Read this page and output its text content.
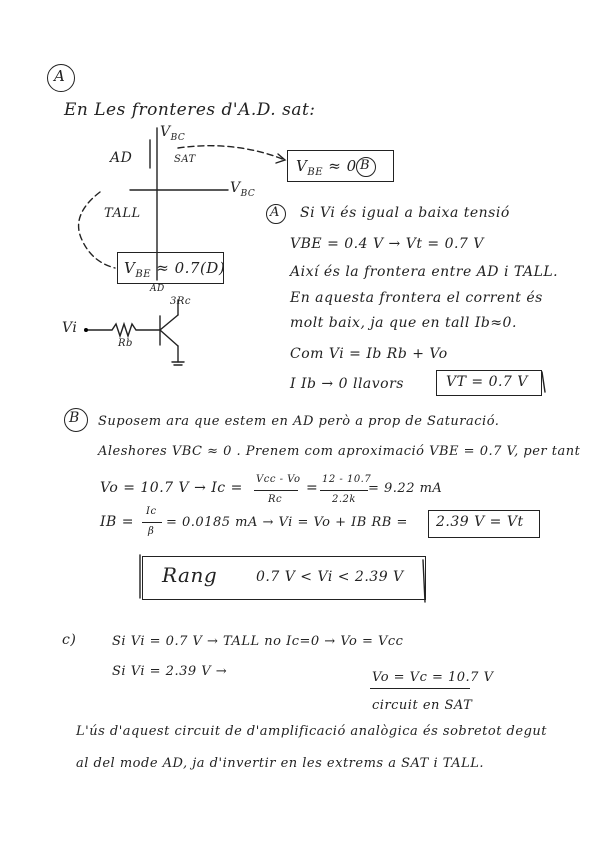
A
En Les fronteres d'A.D. sat:
AD
$V_{BC}$
SAT
$V_{BC}$
TALL
$V_{BE} \approx 0$ B
$V_{BE} \approx 0.7(D)$
AD
3Rc
Vi
Rb
A Si Vi és igual a baixa tensió
VBE = 0.4 V → Vt = 0.7 V
Així és la frontera entre AD i TALL.
En aquesta frontera el corrent és
molt baix, ja que en tall Ib≈0.
Com Vi = Ib Rb + Vo
I Ib → 0 llavors	VT = 0.7 V
B Suposem ara que estem en AD però a prop de Saturació.
Aleshores VBC ≈ 0 . Prenem com aproximació VBE = 0.7 V, per tant
Vo = 10.7 V → Ic =
Vcc - Vo
Rc
=
12 - 10.7
2.2k
= 9.22 mA
IB =
Ic
β
= 0.0185 mA → Vi = Vo + IB RB = 2.39 V = Vt
Rang	0.7 V < Vi < 2.39 V
c)	Si Vi = 0.7 V → TALL no Ic=0 → Vo = Vcc
Si Vi = 2.39 V →	Vo = Vc = 10.7 V
circuit en SAT
L'ús d'aquest circuit de d'amplificació analògica és sobretot degut
al del mode AD, ja d'invertir en les extrems a SAT i TALL.
